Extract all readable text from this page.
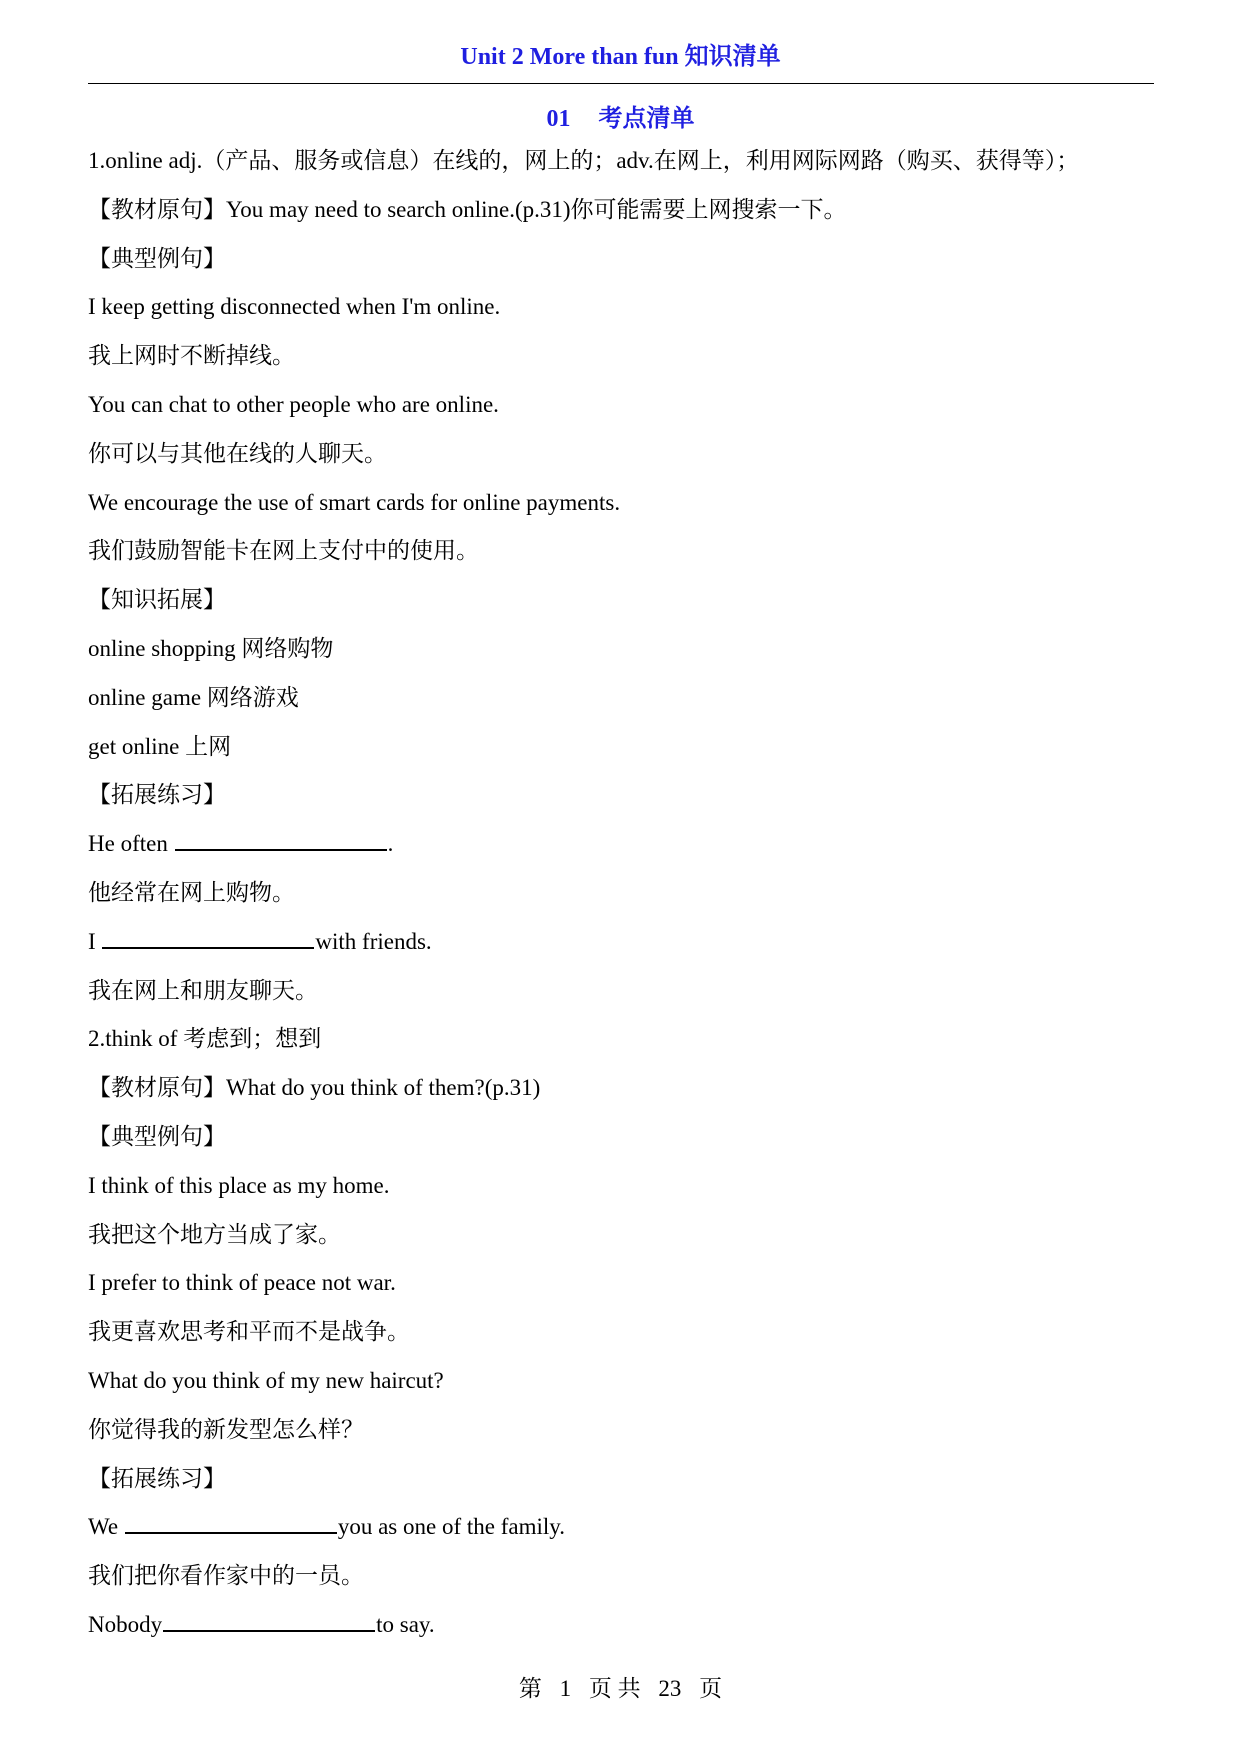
Unit 2 More than fun 知识清单
01 考点清单
1.online adj.（产品、服务或信息）在线的，网上的；adv.在网上，利用网际网路（购买、获得等）；
【教材原句】You may need to search online.(p.31)你可能需要上网搜索一下。
【典型例句】
I keep getting disconnected when I'm online.
我上网时不断掉线。
You can chat to other people who are online.
你可以与其他在线的人聊天。
We encourage the use of smart cards for online payments.
我们鼓励智能卡在网上支付中的使用。
【知识拓展】
online shopping 网络购物
online game 网络游戏
get online 上网
【拓展练习】
He often	.
他经常在网上购物。
I	with friends.
我在网上和朋友聊天。
2.think of 考虑到；想到
【教材原句】What do you think of them?(p.31)
【典型例句】
I think of this place as my home.
我把这个地方当成了家。
I prefer to think of peace not war.
我更喜欢思考和平而不是战争。
What do you think of my new haircut?
你觉得我的新发型怎么样？
【拓展练习】
We	you as one of the family.
我们把你看作家中的一员。
Nobody	to say.
第 1 页 共 23 页
